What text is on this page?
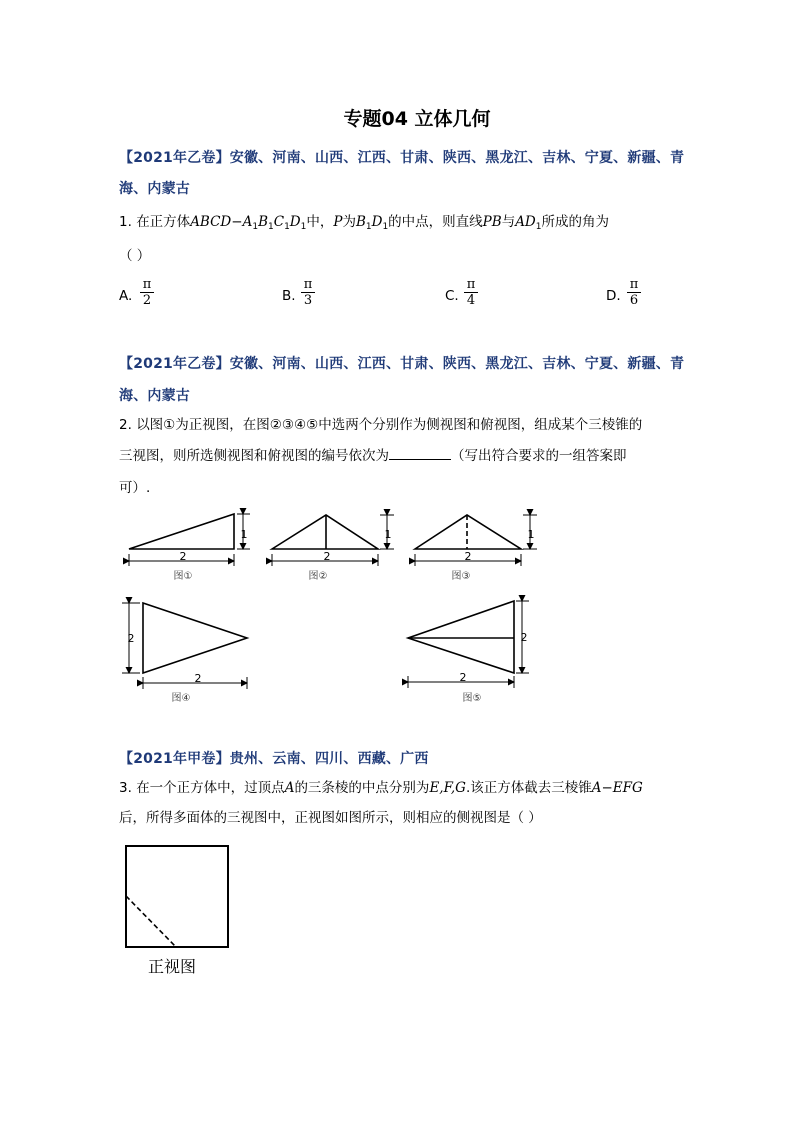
专题04 立体几何
【2021年乙卷】安徽、河南、山西、江西、甘肃、陕西、黑龙江、吉林、宁夏、新疆、青
海、内蒙古
1. 在正方体$ABCD-A_1B_1C_1D_1$中，P为$B_1D_1$的中点，则直线PB与$AD_1$所成的角为
（ ）
A. $\frac{\pi}{2}$	B. $\frac{\pi}{3}$	C. $\frac{\pi}{4}$	D. $\frac{\pi}{6}$
【2021年乙卷】安徽、河南、山西、江西、甘肃、陕西、黑龙江、吉林、宁夏、新疆、青
海、内蒙古
2. 以图①为正视图，在图②③④⑤中选两个分别作为侧视图和俯视图，组成某个三棱锥的
三视图，则所选侧视图和俯视图的编号依次为	（写出符合要求的一组答案即
可）.
2
1
图①
2
1
图②
2
1
图③
2
2
图④
2
2
图⑤
【2021年甲卷】贵州、云南、四川、西藏、广西
3. 在一个正方体中，过顶点A的三条棱的中点分别为E,F,G.该正方体截去三棱锥A−EFG
后，所得多面体的三视图中，正视图如图所示，则相应的侧视图是（ ）
正视图
